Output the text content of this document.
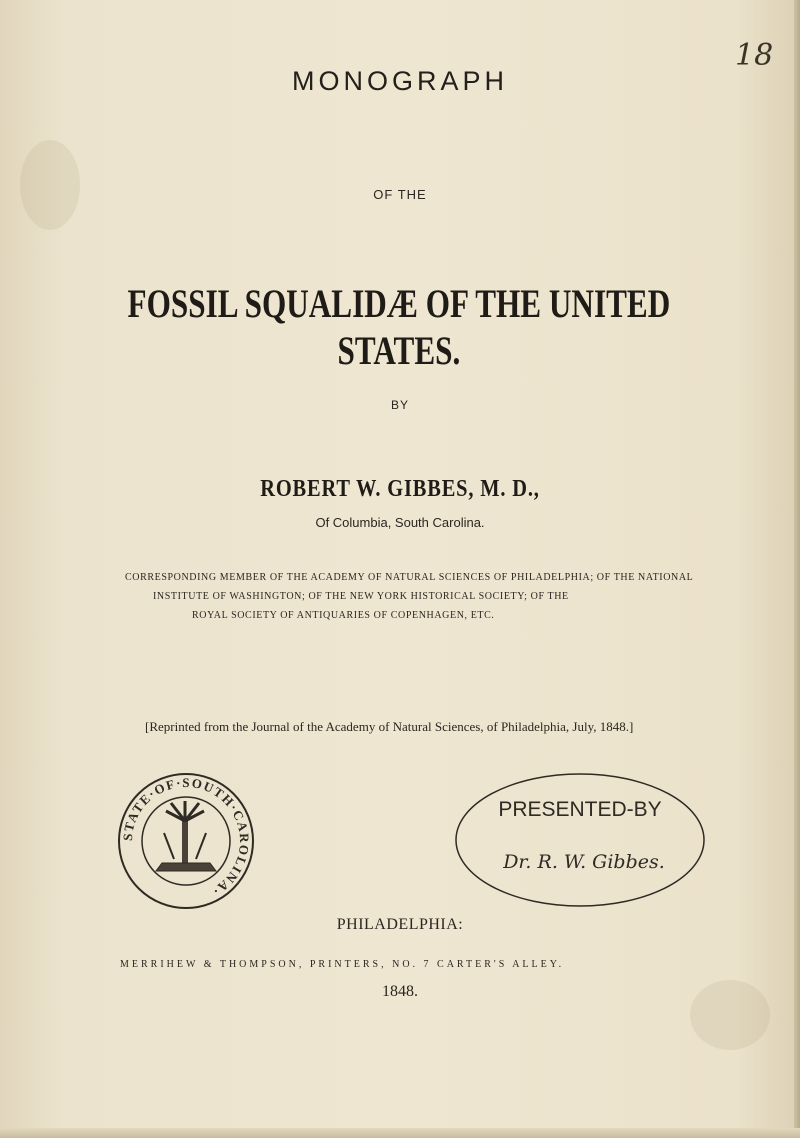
18
MONOGRAPH

OF THE

FOSSIL SQUALIDÆ OF THE UNITED STATES.

BY

ROBERT W. GIBBES, M. D.,

Of Columbia, South Carolina.

CORRESPONDING MEMBER OF THE ACADEMY OF NATURAL SCIENCES OF PHILADELPHIA; OF THE NATIONAL
INSTITUTE OF WASHINGTON; OF THE NEW YORK HISTORICAL SOCIETY; OF THE
ROYAL SOCIETY OF ANTIQUARIES OF COPENHAGEN, ETC.
[Reprinted from the Journal of the Academy of Natural Sciences, of Philadelphia, July, 1848.]
STATE·OF·SOUTH·CAROLINA·
PRESENTED-BY
Dr. R. W. Gibbes.

PHILADELPHIA:

MERRIHEW & THOMPSON, PRINTERS, NO. 7 CARTER'S ALLEY.

1848.
